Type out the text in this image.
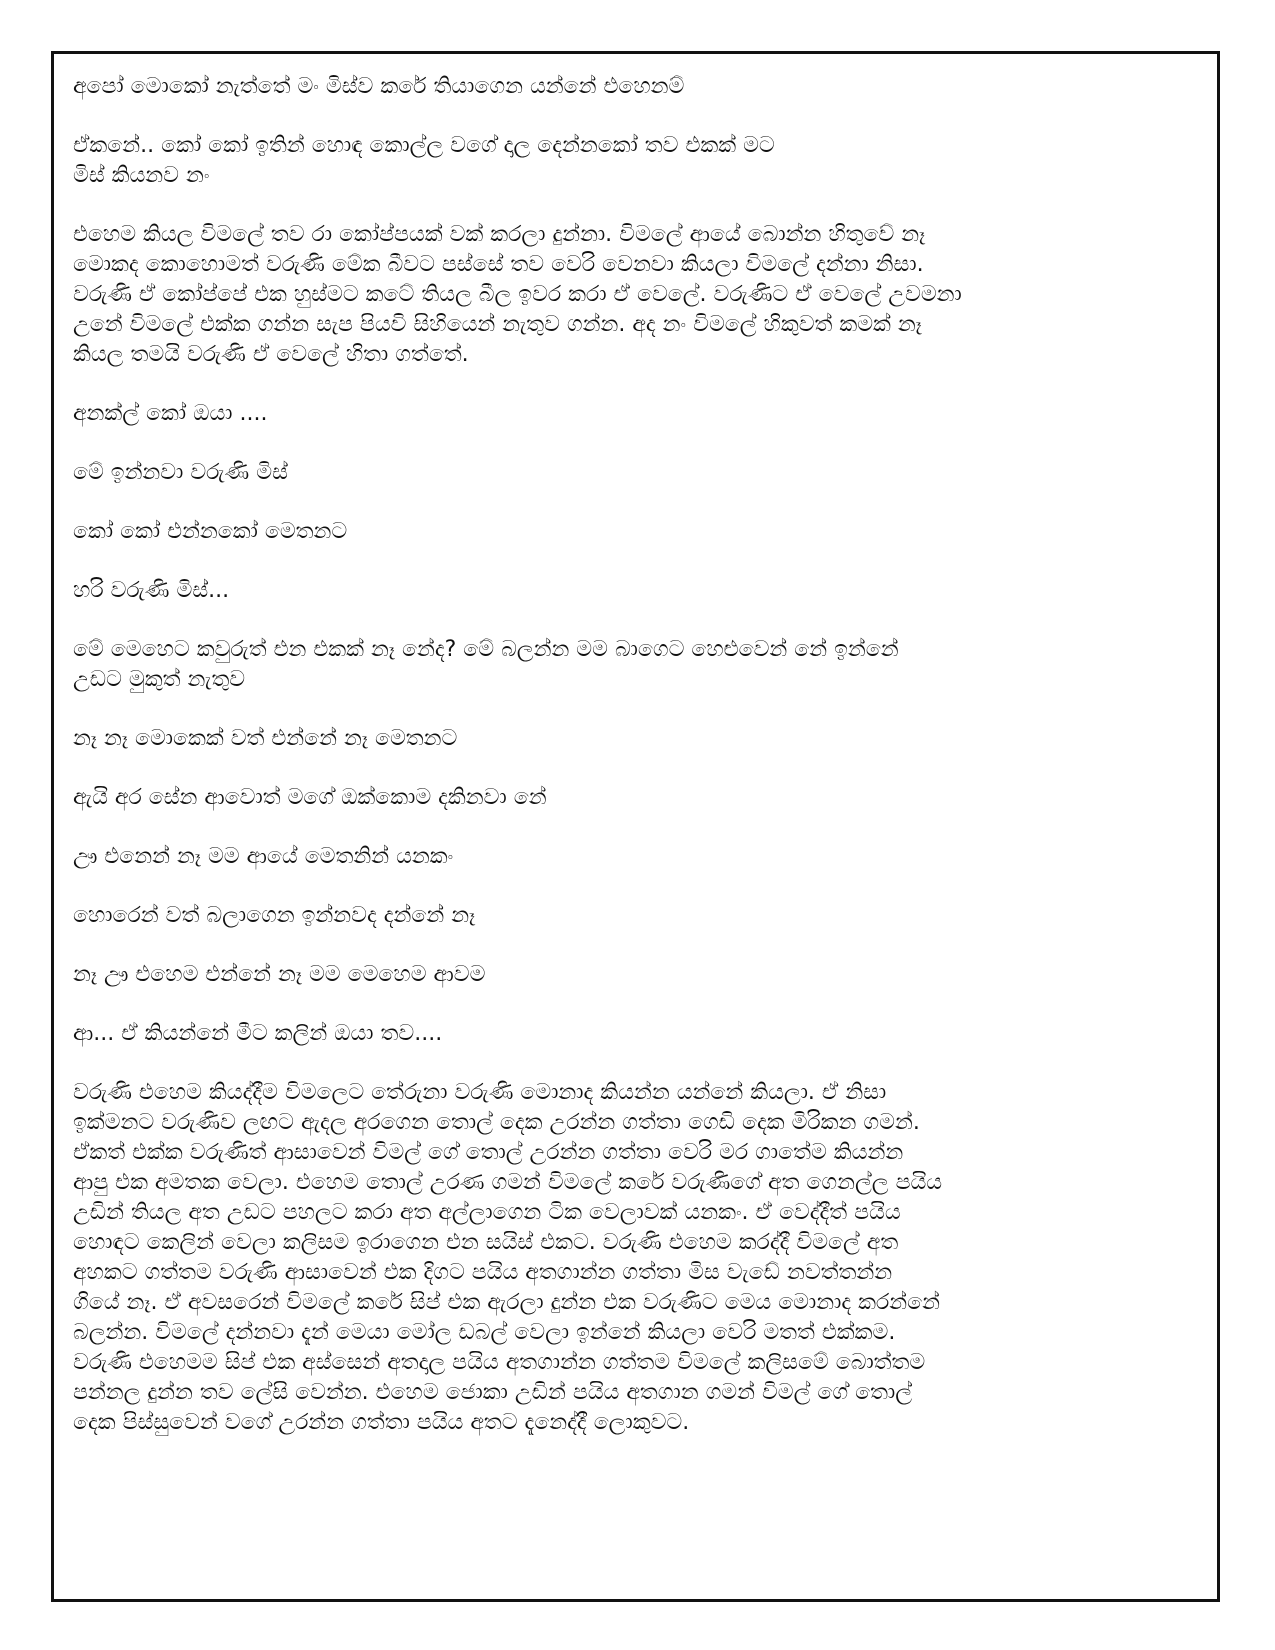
අපෝ මොකෝ නැත්තේ මං මිස්ව කරේ තියාගෙන යන්නේ එහෙනම්

ඒකනේ.. කෝ කෝ ඉතින් හොඳ කොල්ල වගේ දාල දෙන්නකෝ තව එකක් මට
මිස් කියනව නං

එහෙම කියල විමලේ තව රා කෝප්පයක් වක් කරලා දුන්නා. විමලේ ආයේ බොන්න හිතුවේ නෑ
මොකද කොහොමත් වරුණි මේක බීවට පස්සේ තව වෙරි වෙනවා කියලා විමලේ දන්නා නිසා.
වරුණි ඒ කෝප්පේ එක හුස්මට කටේ තියල බීල ඉවර කරා ඒ වෙලේ. වරුණිට ඒ වෙලේ උවමනා
උනේ විමලේ එක්ක ගන්න සැප පියවි සිහියෙන් නැතුව ගන්න. අද නං විමලේ හිකුවත් කමක් නෑ
කියල තමයි වරුණි ඒ වෙලේ හිතා ගත්තේ.

අනක්ල් කෝ ඔයා ....

මේ ඉන්නවා වරුණි මිස්

කෝ කෝ එන්නකෝ මෙතනට

හරි වරුණි මිස්...

මේ මෙහෙට කවුරුත් එන එකක් නෑ නේද? මේ බලන්න මම බාගෙට හෙළුවෙන් නේ ඉන්නේ
උඩට මුකුත් නැතුව

නෑ නෑ මොකෙක් වත් එන්නේ නෑ මෙතනට

ඇයි අර සේන ආවොත් මගේ ඔක්කොම දකිනවා නේ

ඌ එනෙන් නෑ මම ආයේ මෙතනින් යනකං

හොරෙන් වත් බලාගෙන ඉන්නවද දන්නේ නෑ

නෑ ඌ එහෙම එන්නේ නෑ මම මෙහෙම ආවම

ආ... ඒ කියන්නේ මීට කලින් ඔයා තව....

වරුණි එහෙම කියද්දීම විමලෙට තේරුනා වරුණි මොනාද කියන්න යන්නේ කියලා. ඒ නිසා
ඉක්මනට වරුණිව ලඟට ඇදල අරගෙන තොල් දෙක උරන්න ගත්තා ගෙඩි දෙක මිරිකන ගමන්.
ඒකත් එක්ක වරුණිත් ආසාවෙන් විමල් ගේ තොල් උරන්න ගත්තා වෙරි මර ගාතේම කියන්න
ආපු එක අමතක වෙලා. එහෙම තොල් උරණ ගමන් විමලේ කරේ වරුණිගේ අත ගෙනල්ල පයිය
උඩින් තියල අත උඩට පහලට කරා අත අල්ලාගෙන ටික වෙලාවක් යනකං. ඒ වෙද්දීත් පයිය
හොඳට කෙලින් වෙලා කලිසම ඉරාගෙන එන සයිස් එකට. වරුණි එහෙම කරද්දී විමලේ අත
අහකට ගත්තම වරුණි ආසාවෙන් එක දිගට පයිය අතගාන්න ගත්තා මිස වැඩේ නවත්තන්න
ගියේ නෑ. ඒ අවසරෙන් විමලේ කරේ සිප් එක ඇරලා දුන්න එක වරුණිට මෙය මොනාද කරන්නේ
බලන්න. විමලේ දන්නවා දැන් මෙයා මෝල ඩබල් වෙලා ඉන්නේ කියලා වෙරි මතත් එක්කම.
වරුණි එහෙමම සිප් එක අස්සෙන් අතදාල පයිය අතගාන්න ගත්තම විමලේ කලිසමේ බොත්තම
පන්නල දුන්න තව ලේසි වෙන්න. එහෙම ජොකා උඩින් පයිය අතගාන ගමන් විමල් ගේ තොල්
දෙක පිස්සුවෙන් වගේ උරන්න ගත්තා පයිය අතට දැනෙද්දී ලොකුවට.
